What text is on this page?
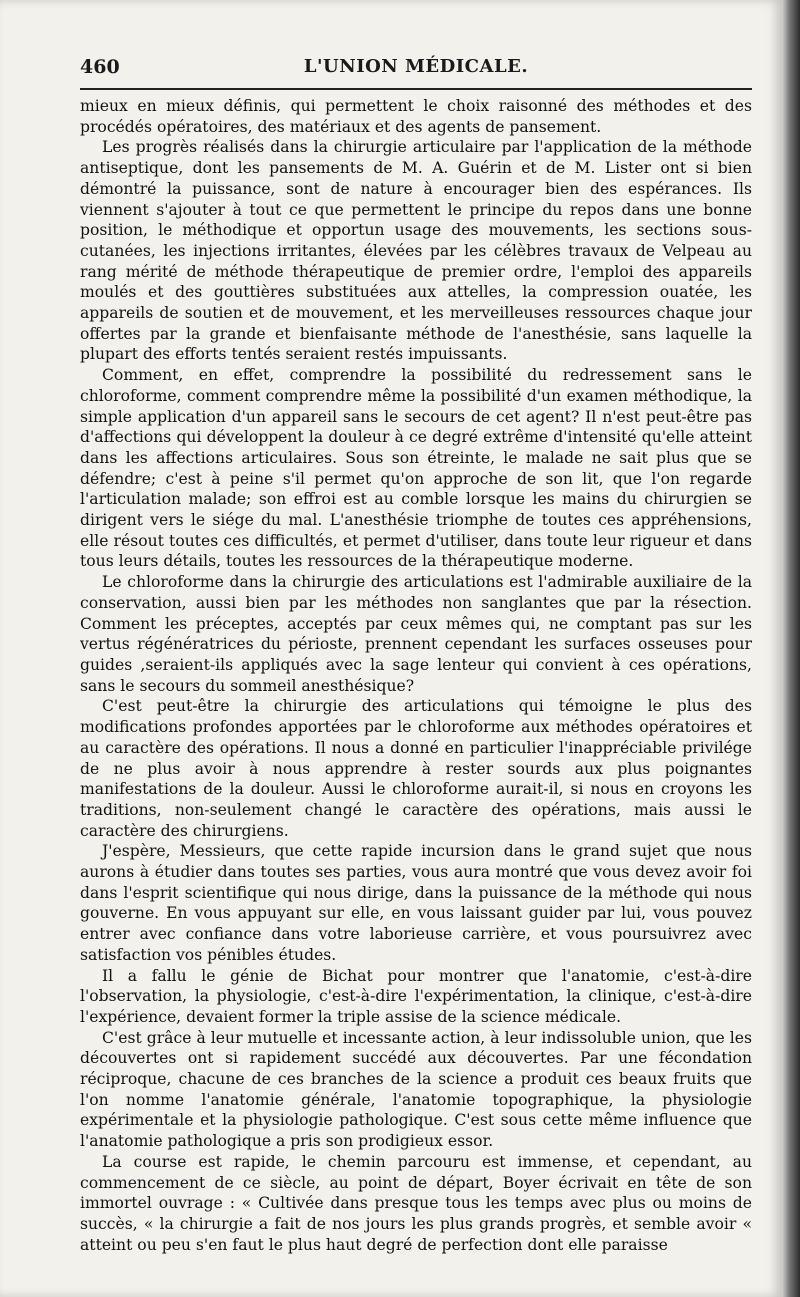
460	L'UNION MÉDICALE.

mieux en mieux définis, qui permettent le choix raisonné des méthodes et des procédés opératoires, des matériaux et des agents de pansement.

Les progrès réalisés dans la chirurgie articulaire par l'application de la méthode antiseptique, dont les pansements de M. A. Guérin et de M. Lister ont si bien démontré la puissance, sont de nature à encourager bien des espérances. Ils viennent s'ajouter à tout ce que permettent le principe du repos dans une bonne position, le méthodique et opportun usage des mouvements, les sections sous-cutanées, les injections irritantes, élevées par les célèbres travaux de Velpeau au rang mérité de méthode thérapeutique de premier ordre, l'emploi des appareils moulés et des gouttières substituées aux attelles, la compression ouatée, les appareils de soutien et de mouvement, et les merveilleuses ressources chaque jour offertes par la grande et bienfaisante méthode de l'anesthésie, sans laquelle la plupart des efforts tentés seraient restés impuissants.

Comment, en effet, comprendre la possibilité du redressement sans le chloroforme, comment comprendre même la possibilité d'un examen méthodique, la simple application d'un appareil sans le secours de cet agent? Il n'est peut-être pas d'affections qui développent la douleur à ce degré extrême d'intensité qu'elle atteint dans les affections articulaires. Sous son étreinte, le malade ne sait plus que se défendre; c'est à peine s'il permet qu'on approche de son lit, que l'on regarde l'articulation malade; son effroi est au comble lorsque les mains du chirurgien se dirigent vers le siége du mal. L'anesthésie triomphe de toutes ces appréhensions, elle résout toutes ces difficultés, et permet d'utiliser, dans toute leur rigueur et dans tous leurs détails, toutes les ressources de la thérapeutique moderne.

Le chloroforme dans la chirurgie des articulations est l'admirable auxiliaire de la conservation, aussi bien par les méthodes non sanglantes que par la résection. Comment les préceptes, acceptés par ceux mêmes qui, ne comptant pas sur les vertus régénératrices du périoste, prennent cependant les surfaces osseuses pour guides ,seraient-ils appliqués avec la sage lenteur qui convient à ces opérations, sans le secours du sommeil anesthésique?

C'est peut-être la chirurgie des articulations qui témoigne le plus des modifications profondes apportées par le chloroforme aux méthodes opératoires et au caractère des opérations. Il nous a donné en particulier l'inappréciable privilége de ne plus avoir à nous apprendre à rester sourds aux plus poignantes manifestations de la douleur. Aussi le chloroforme aurait-il, si nous en croyons les traditions, non-seulement changé le caractère des opérations, mais aussi le caractère des chirurgiens.

J'espère, Messieurs, que cette rapide incursion dans le grand sujet que nous aurons à étudier dans toutes ses parties, vous aura montré que vous devez avoir foi dans l'esprit scientifique qui nous dirige, dans la puissance de la méthode qui nous gouverne. En vous appuyant sur elle, en vous laissant guider par lui, vous pouvez entrer avec confiance dans votre laborieuse carrière, et vous poursuivrez avec satisfaction vos pénibles études.

Il a fallu le génie de Bichat pour montrer que l'anatomie, c'est-à-dire l'observation, la physiologie, c'est-à-dire l'expérimentation, la clinique, c'est-à-dire l'expérience, devaient former la triple assise de la science médicale.

C'est grâce à leur mutuelle et incessante action, à leur indissoluble union, que les découvertes ont si rapidement succédé aux découvertes. Par une fécondation réciproque, chacune de ces branches de la science a produit ces beaux fruits que l'on nomme l'anatomie générale, l'anatomie topographique, la physiologie expérimentale et la physiologie pathologique. C'est sous cette même influence que l'anatomie pathologique a pris son prodigieux essor.

La course est rapide, le chemin parcouru est immense, et cependant, au commencement de ce siècle, au point de départ, Boyer écrivait en tête de son immortel ouvrage : « Cultivée dans presque tous les temps avec plus ou moins de succès, « la chirurgie a fait de nos jours les plus grands progrès, et semble avoir « atteint ou peu s'en faut le plus haut degré de perfection dont elle paraisse
